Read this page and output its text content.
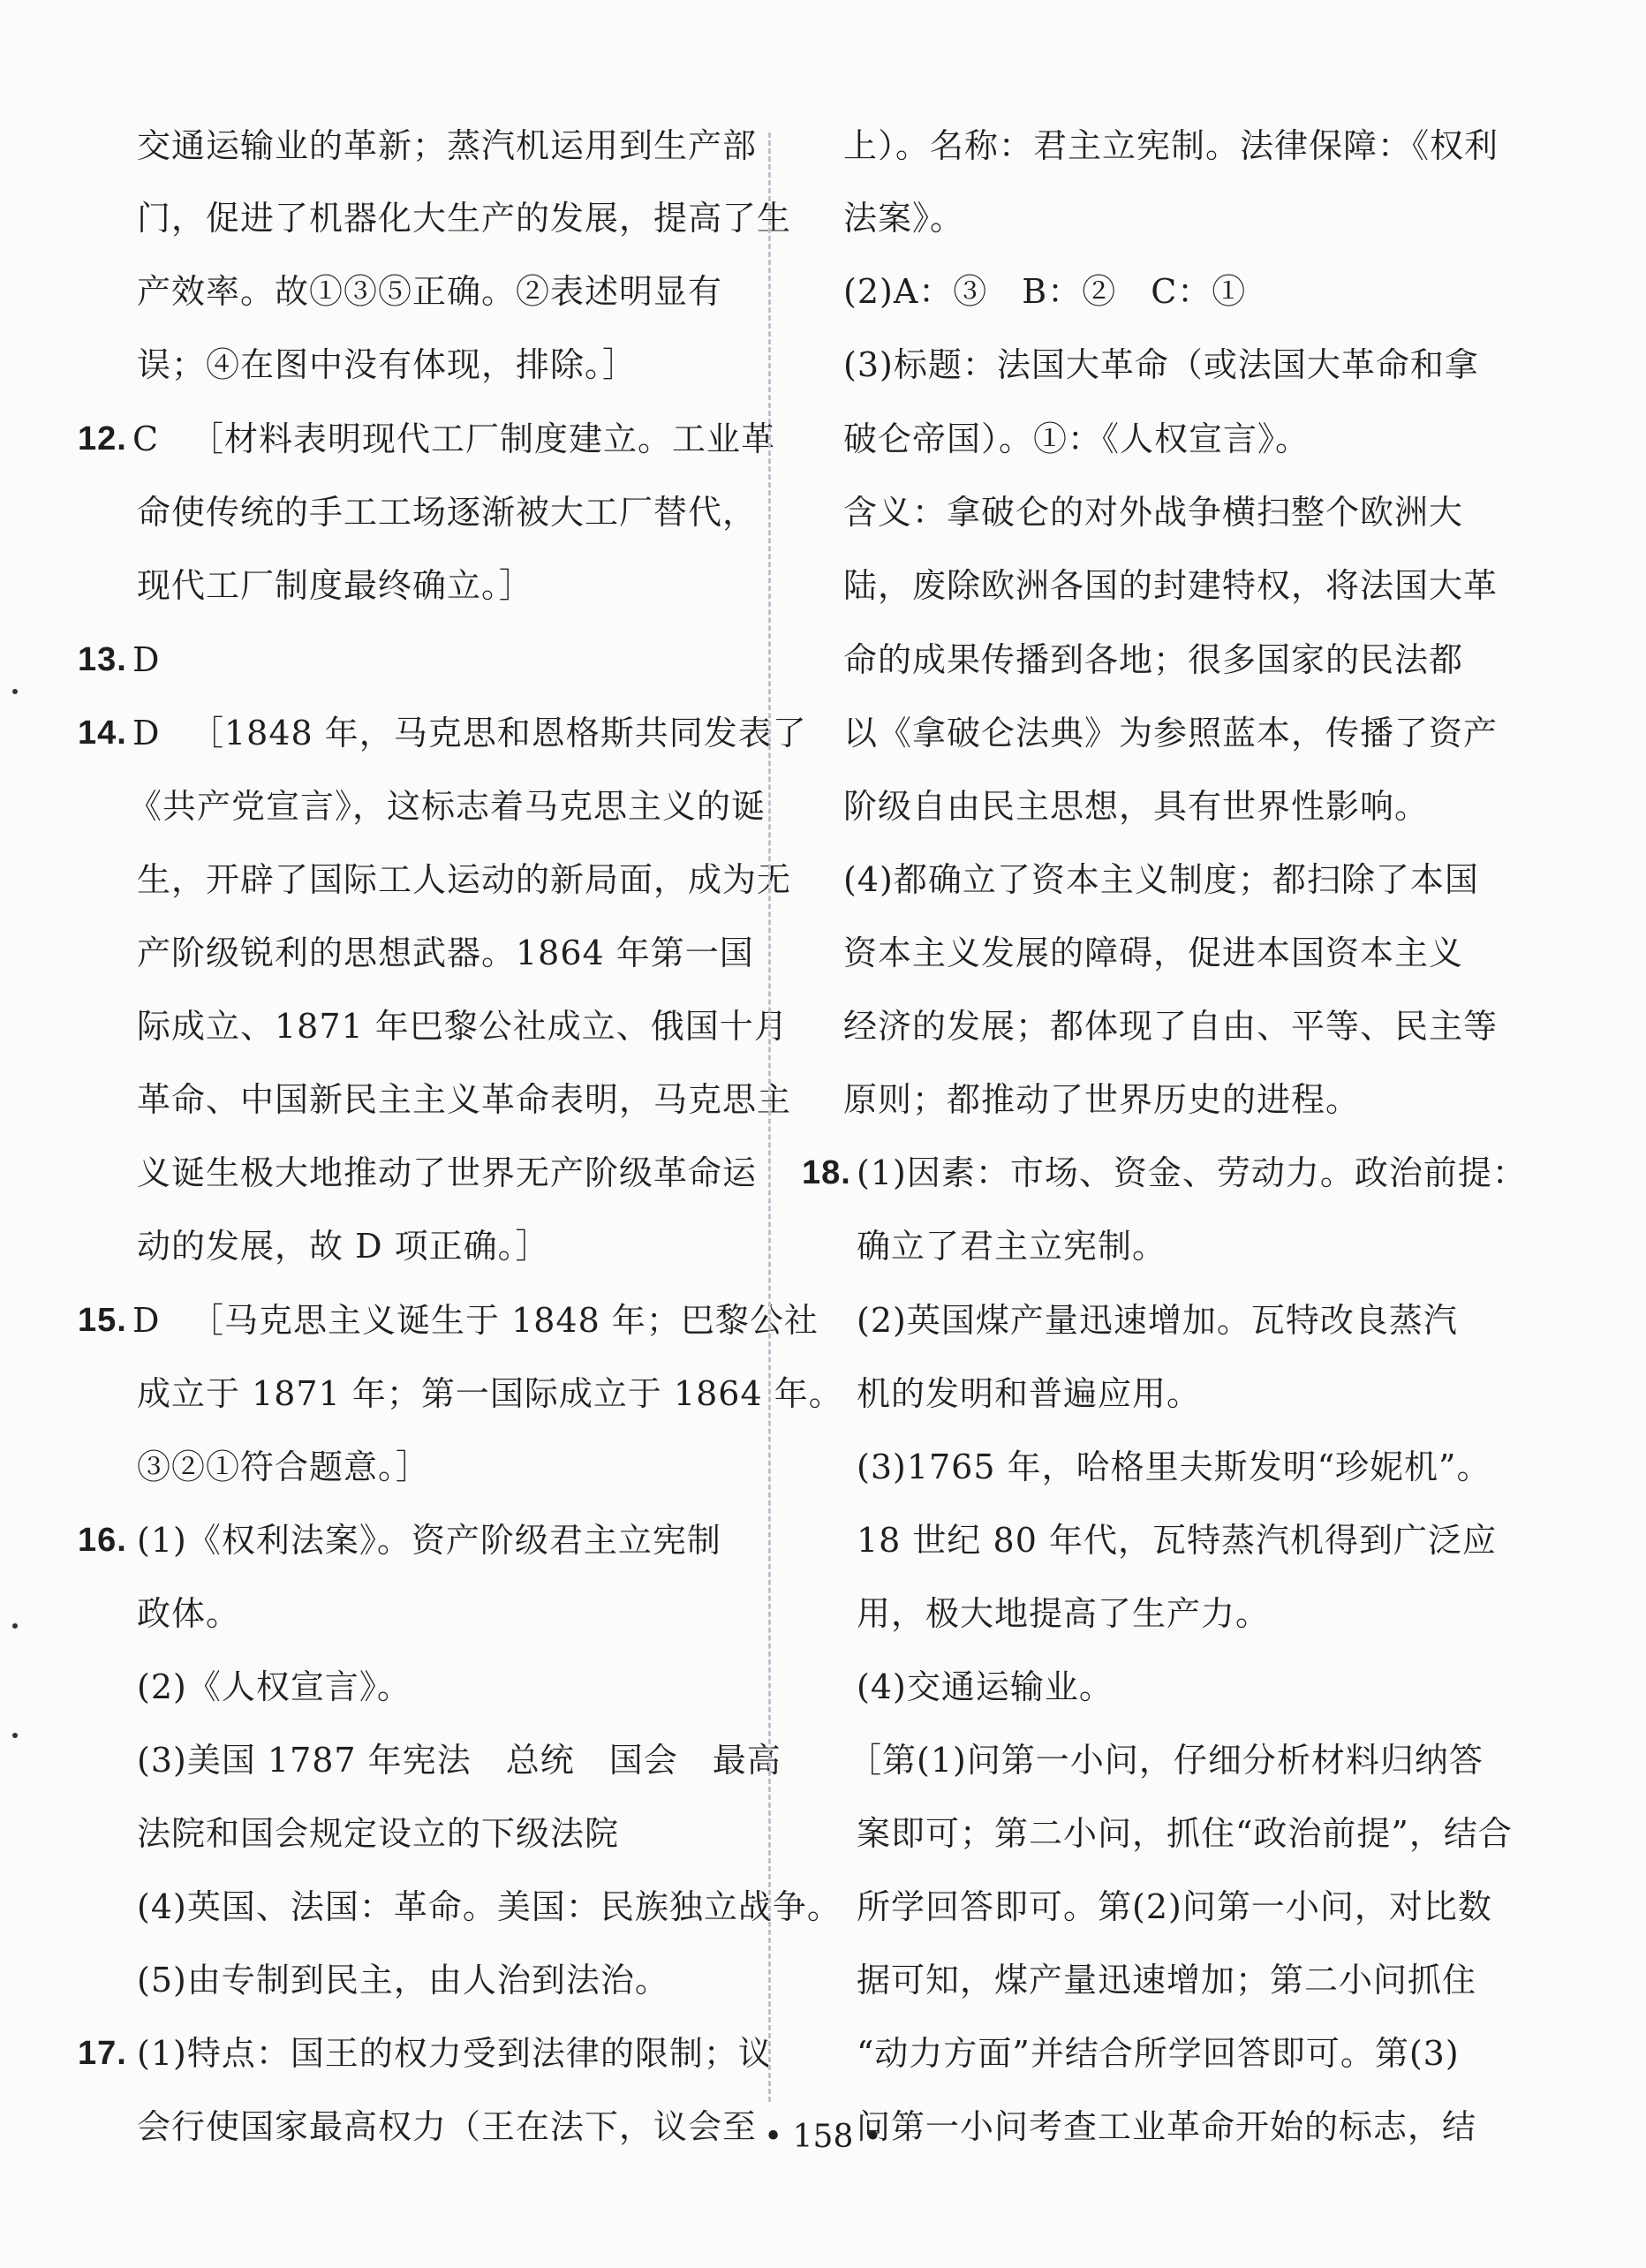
交通运输业的革新；蒸汽机运用到生产部
门，促进了机器化大生产的发展，提高了生
产效率。故①③⑤正确。②表述明显有
误；④在图中没有体现，排除。］
12. C ［材料表明现代工厂制度建立。工业革
命使传统的手工工场逐渐被大工厂替代，
现代工厂制度最终确立。］
13. D
14. D ［1848 年，马克思和恩格斯共同发表了
《共产党宣言》，这标志着马克思主义的诞
生，开辟了国际工人运动的新局面，成为无
产阶级锐利的思想武器。1864 年第一国
际成立、1871 年巴黎公社成立、俄国十月
革命、中国新民主主义革命表明，马克思主
义诞生极大地推动了世界无产阶级革命运
动的发展，故 D 项正确。］
15. D ［马克思主义诞生于 1848 年；巴黎公社
成立于 1871 年；第一国际成立于 1864 年。
③②①符合题意。］
16. (1)《权利法案》。资产阶级君主立宪制
政体。
(2)《人权宣言》。
(3)美国 1787 年宪法　总统　国会　最高
法院和国会规定设立的下级法院
(4)英国、法国：革命。美国：民族独立战争。
(5)由专制到民主，由人治到法治。
17. (1)特点：国王的权力受到法律的限制；议
会行使国家最高权力（王在法下，议会至
上）。名称：君主立宪制。法律保障：《权利
法案》。
(2)A：③　B：②　C：①
(3)标题：法国大革命（或法国大革命和拿
破仑帝国）。①：《人权宣言》。
含义：拿破仑的对外战争横扫整个欧洲大
陆，废除欧洲各国的封建特权，将法国大革
命的成果传播到各地；很多国家的民法都
以《拿破仑法典》为参照蓝本，传播了资产
阶级自由民主思想，具有世界性影响。
(4)都确立了资本主义制度；都扫除了本国
资本主义发展的障碍，促进本国资本主义
经济的发展；都体现了自由、平等、民主等
原则；都推动了世界历史的进程。
18. (1)因素：市场、资金、劳动力。政治前提：
确立了君主立宪制。
(2)英国煤产量迅速增加。瓦特改良蒸汽
机的发明和普遍应用。
(3)1765 年，哈格里夫斯发明“珍妮机”。
18 世纪 80 年代，瓦特蒸汽机得到广泛应
用，极大地提高了生产力。
(4)交通运输业。
［第(1)问第一小问，仔细分析材料归纳答
案即可；第二小问，抓住“政治前提”，结合
所学回答即可。第(2)问第一小问，对比数
据可知，煤产量迅速增加；第二小问抓住
“动力方面”并结合所学回答即可。第(3)
问第一小问考查工业革命开始的标志，结
• 158 •
